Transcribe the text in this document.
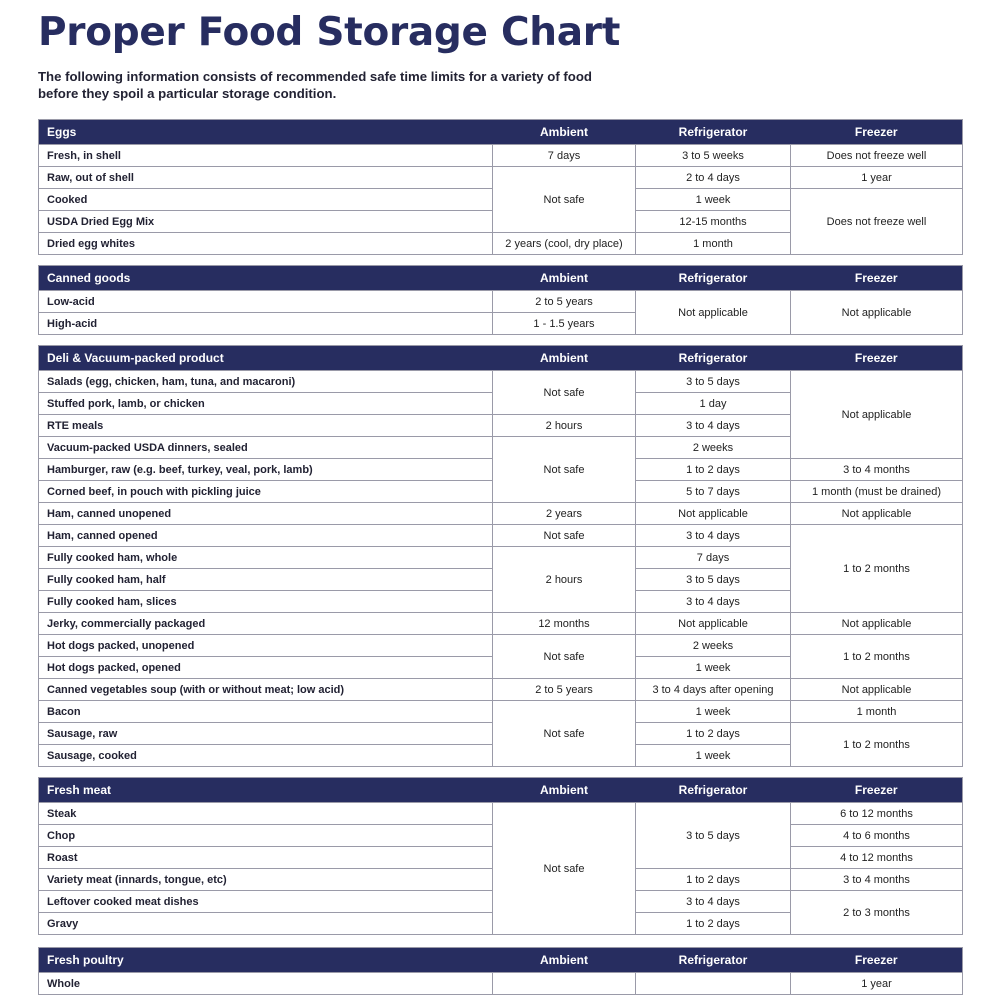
Proper Food Storage Chart
The following information consists of recommended safe time limits for a variety of food
before they spoil a particular storage condition.
Eggs	Ambient	Refrigerator	Freezer
Fresh, in shell	7 days	3 to 5 weeks	Does not freeze well
Raw, out of shell	Not safe	2 to 4 days	1 year
Cooked		1 week	Does not freeze well
USDA Dried Egg Mix		12-15 months	
Dried egg whites	2 years (cool, dry place)	1 month	
Canned goods	Ambient	Refrigerator	Freezer
Low-acid	2 to 5 years	Not applicable	Not applicable
High-acid	1 - 1.5 years		
Deli & Vacuum-packed product	Ambient	Refrigerator	Freezer
Salads (egg, chicken, ham, tuna, and macaroni)	Not safe	3 to 5 days	Not applicable
Stuffed pork, lamb, or chicken		1 day	
RTE meals	2 hours	3 to 4 days	
Vacuum-packed USDA dinners, sealed	Not safe	2 weeks	
Hamburger, raw (e.g. beef, turkey, veal, pork, lamb)		1 to 2 days	3 to 4 months
Corned beef, in pouch with pickling juice		5 to 7 days	1 month (must be drained)
Ham, canned unopened	2 years	Not applicable	Not applicable
Ham, canned opened	Not safe	3 to 4 days	1 to 2 months
Fully cooked ham, whole	2 hours	7 days	
Fully cooked ham, half		3 to 5 days	
Fully cooked ham, slices		3 to 4 days	
Jerky, commercially packaged	12 months	Not applicable	Not applicable
Hot dogs packed, unopened	Not safe	2 weeks	1 to 2 months
Hot dogs packed, opened		1 week	
Canned vegetables soup (with or without meat; low acid)	2 to 5 years	3 to 4 days after opening	Not applicable
Bacon	Not safe	1 week	1 month
Sausage, raw		1 to 2 days	1 to 2 months
Sausage, cooked		1 week	
Fresh meat	Ambient	Refrigerator	Freezer
Steak	Not safe	3 to 5 days	6 to 12 months
Chop			4 to 6 months
Roast			4 to 12 months
Variety meat (innards, tongue, etc)		1 to 2 days	3 to 4 months
Leftover cooked meat dishes		3 to 4 days	2 to 3 months
Gravy		1 to 2 days	
Fresh poultry	Ambient	Refrigerator	Freezer
Whole			1 year
